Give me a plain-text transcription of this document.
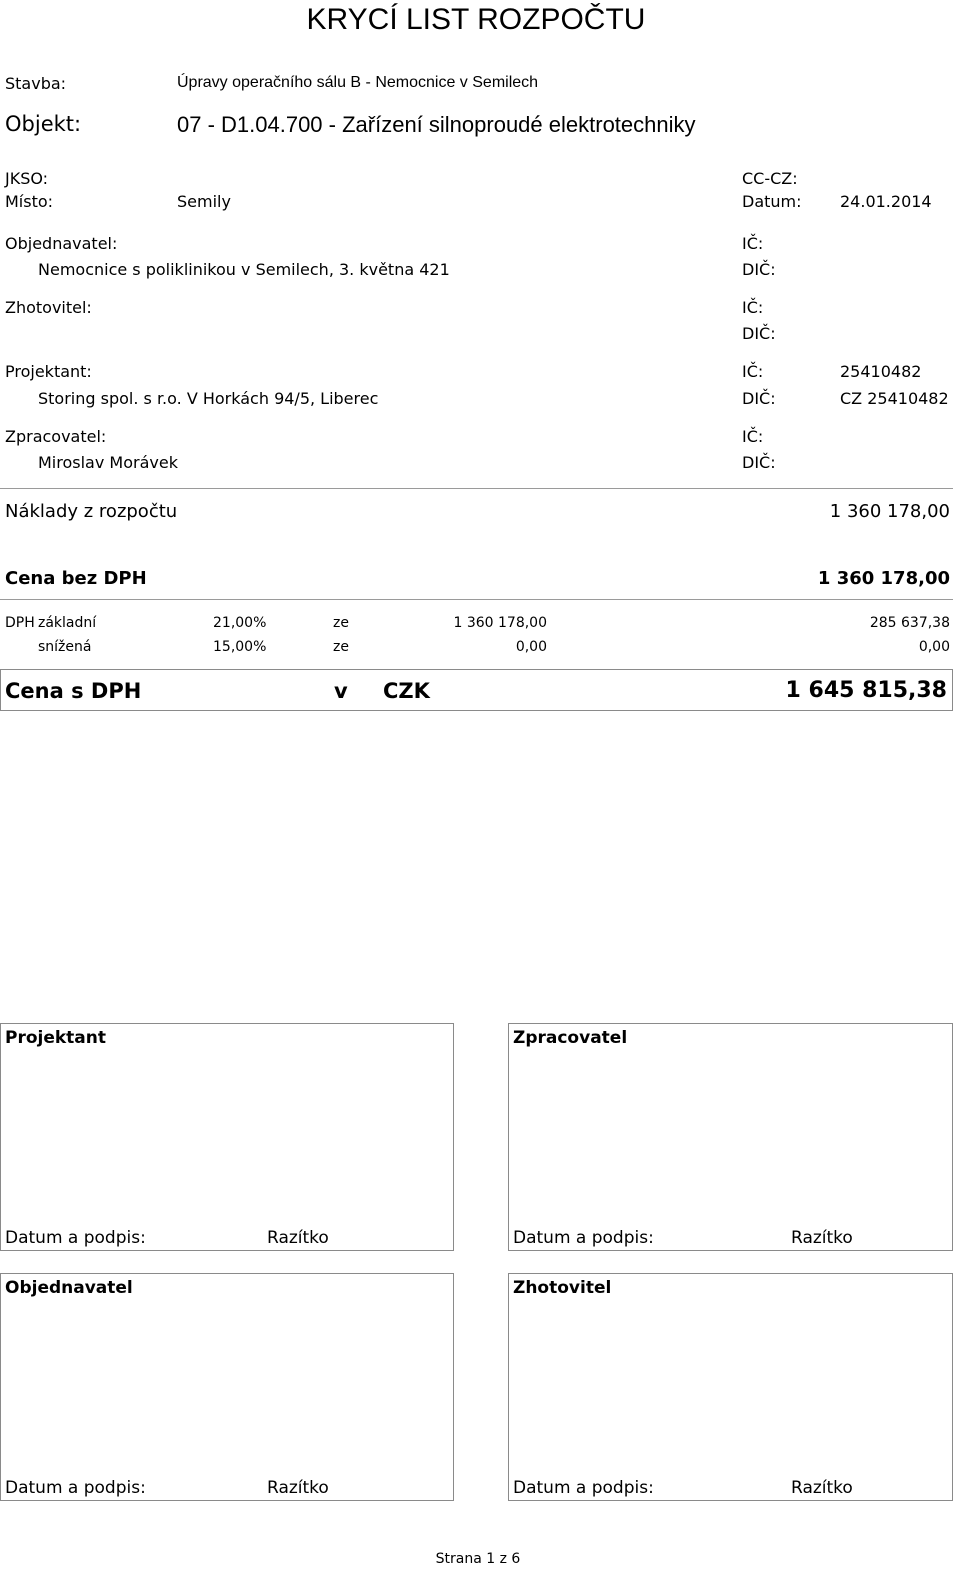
KRYCÍ LIST ROZPOČTU
Stavba:	Úpravy operačního sálu B - Nemocnice v Semilech
Objekt:	07 - D1.04.700 - Zařízení silnoproudé elektrotechniky
JKSO:	CC-CZ:
Místo:	Semily	Datum: 24.01.2014
Objednavatel:	IČ:
Nemocnice s poliklinikou v Semilech, 3. května 421	DIČ:
Zhotovitel:	IČ:
DIČ:
Projektant:	IČ:	25410482
Storing spol. s r.o. V Horkách 94/5, Liberec	DIČ:	CZ 25410482
Zpracovatel:	IČ:
Miroslav Morávek	DIČ:
Náklady z rozpočtu	1 360 178,00
Cena bez DPH	1 360 178,00
DPH základní	21,00%	ze	1 360 178,00	285 637,38
snížená	15,00%	ze	0,00	0,00
Cena s DPH	v CZK	1 645 815,38
Projektant
Datum a podpis:	Razítko
Zpracovatel
Datum a podpis:	Razítko
Objednavatel
Datum a podpis:	Razítko
Zhotovitel
Datum a podpis:	Razítko
Strana 1 z 6
